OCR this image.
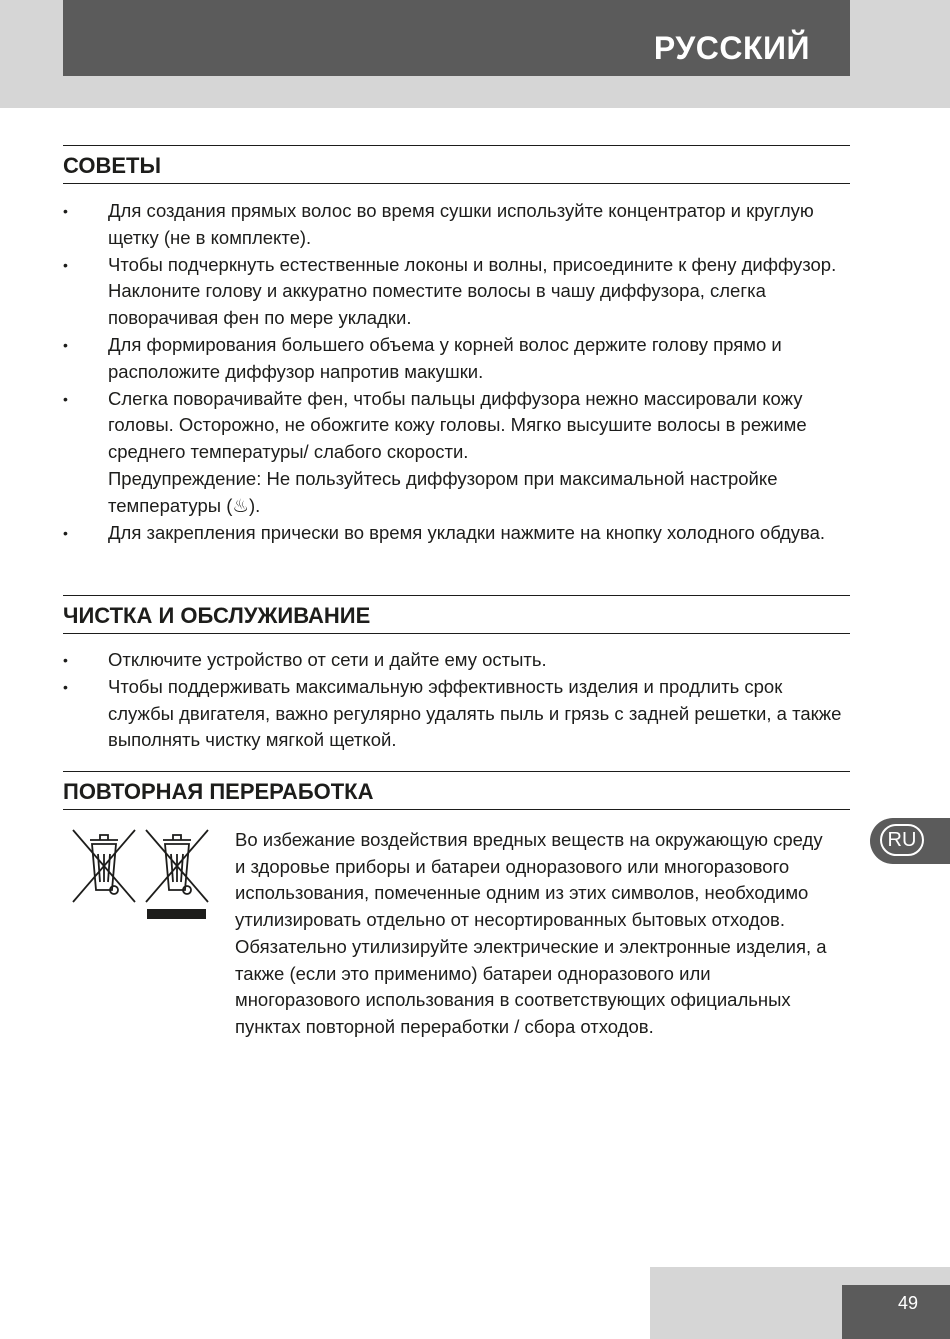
РУССКИЙ
СОВЕТЫ
• Для создания прямых волос во время сушки используйте концентратор и круглую щетку (не в комплекте).
• Чтобы подчеркнуть естественные локоны и волны, присоедините к фену диффузор. Наклоните голову и аккуратно поместите волосы в чашу диффузора, слегка поворачивая фен по мере укладки.
• Для формирования большего объема у корней волос держите голову прямо и расположите диффузор напротив макушки.
• Слегка поворачивайте фен, чтобы пальцы диффузора нежно массировали кожу головы. Осторожно, не обожгите кожу головы. Мягко высушите волосы в режиме среднего температуры/ слабого скорости.
Предупреждение: Не пользуйтесь диффузором при максимальной настройке температуры (♨).
• Для закрепления прически во время укладки нажмите на кнопку холодного обдува.
ЧИСТКА И ОБСЛУЖИВАНИЕ
• Отключите устройство от сети и дайте ему остыть.
• Чтобы поддерживать максимальную эффективность изделия и продлить срок службы двигателя, важно регулярно удалять пыль и грязь с задней решетки, а также выполнять чистку мягкой щеткой.
ПОВТОРНАЯ ПЕРЕРАБОТКА

Во избежание воздействия вредных веществ на окружающую среду и здоровье приборы и батареи одноразового или многоразового использования, помеченные одним из этих символов, необходимо утилизировать отдельно от несортированных бытовых отходов. Обязательно утилизируйте электрические и электронные изделия, а также (если это применимо) батареи одноразового или многоразового использования в соответствующих официальных пунктах повторной переработки / сбора отходов.

RU
49
